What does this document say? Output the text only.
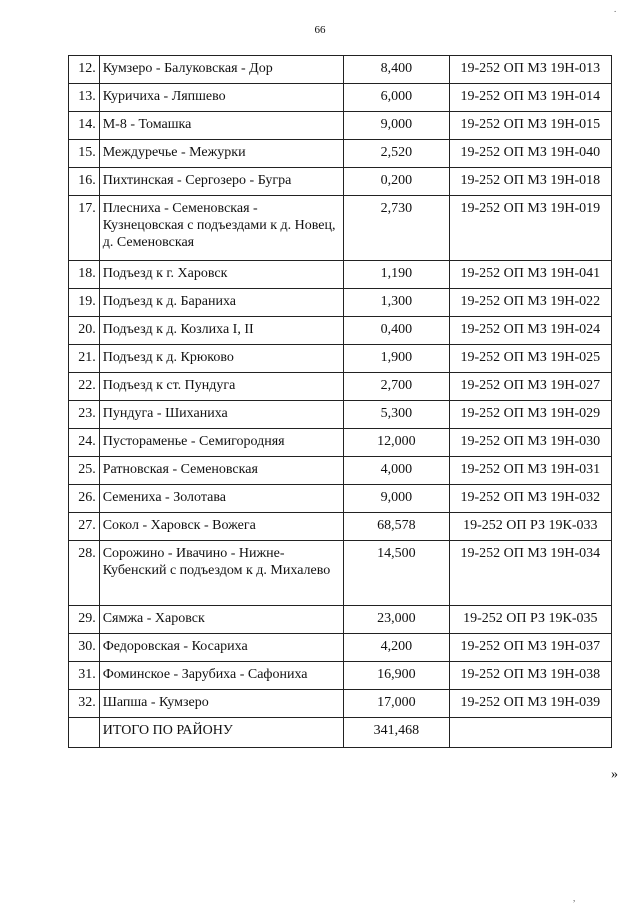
66
12.	Кумзеро - Балуковская - Дор	8,400	19-252 ОП МЗ 19Н-013
13.	Куричиха - Ляпшево	6,000	19-252 ОП МЗ 19Н-014
14.	М-8 - Томашка	9,000	19-252 ОП МЗ 19Н-015
15.	Междуречье - Межурки	2,520	19-252 ОП МЗ 19Н-040
16.	Пихтинская - Сергозеро - Бугра	0,200	19-252 ОП МЗ 19Н-018
17.	Плесниха - Семеновская - Кузнецовская с подъездами к д. Новец, д. Семеновская	2,730	19-252 ОП МЗ 19Н-019
18.	Подъезд к г. Харовск	1,190	19-252 ОП МЗ 19Н-041
19.	Подъезд к д. Бараниха	1,300	19-252 ОП МЗ 19Н-022
20.	Подъезд к д. Козлиха I, II	0,400	19-252 ОП МЗ 19Н-024
21.	Подъезд к д. Крюково	1,900	19-252 ОП МЗ 19Н-025
22.	Подъезд к ст. Пундуга	2,700	19-252 ОП МЗ 19Н-027
23.	Пундуга - Шиханиха	5,300	19-252 ОП МЗ 19Н-029
24.	Пустораменье - Семигородняя	12,000	19-252 ОП МЗ 19Н-030
25.	Ратновская - Семеновская	4,000	19-252 ОП МЗ 19Н-031
26.	Семениха - Золотава	9,000	19-252 ОП МЗ 19Н-032
27.	Сокол - Харовск - Вожега	68,578	19-252 ОП РЗ 19К-033
28.	Сорожино - Ивачино - Нижне-Кубенский с подъездом к д. Михалево	14,500	19-252 ОП МЗ 19Н-034
29.	Сямжа - Харовск	23,000	19-252 ОП РЗ 19К-035
30.	Федоровская - Косариха	4,200	19-252 ОП МЗ 19Н-037
31.	Фоминское - Зарубиха - Сафониха	16,900	19-252 ОП МЗ 19Н-038
32.	Шапша - Кумзеро	17,000	19-252 ОП МЗ 19Н-039
	ИТОГО ПО РАЙОНУ	341,468	
»
,
.
